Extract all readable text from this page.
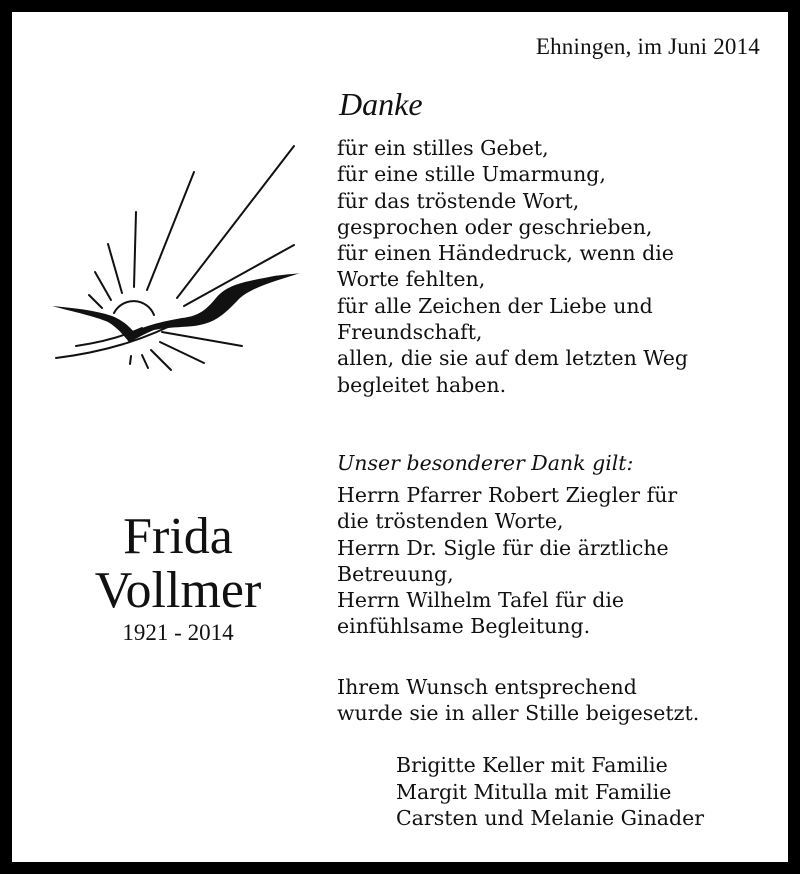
Ehningen, im Juni 2014
Danke
für ein stilles Gebet,
für eine stille Umarmung,
für das tröstende Wort,
gesprochen oder geschrieben,
für einen Händedruck, wenn die
Worte fehlten,
für alle Zeichen der Liebe und
Freundschaft,
allen, die sie auf dem letzten Weg
begleitet haben.
Unser besonderer Dank gilt:
Herrn Pfarrer Robert Ziegler für
die tröstenden Worte,
Herrn Dr. Sigle für die ärztliche
Betreuung,
Herrn Wilhelm Tafel für die
einfühlsame Begleitung.
Ihrem Wunsch entsprechend
wurde sie in aller Stille beigesetzt.
Brigitte Keller mit Familie
Margit Mitulla mit Familie
Carsten und Melanie Ginader
Frida
Vollmer
1921 - 2014
